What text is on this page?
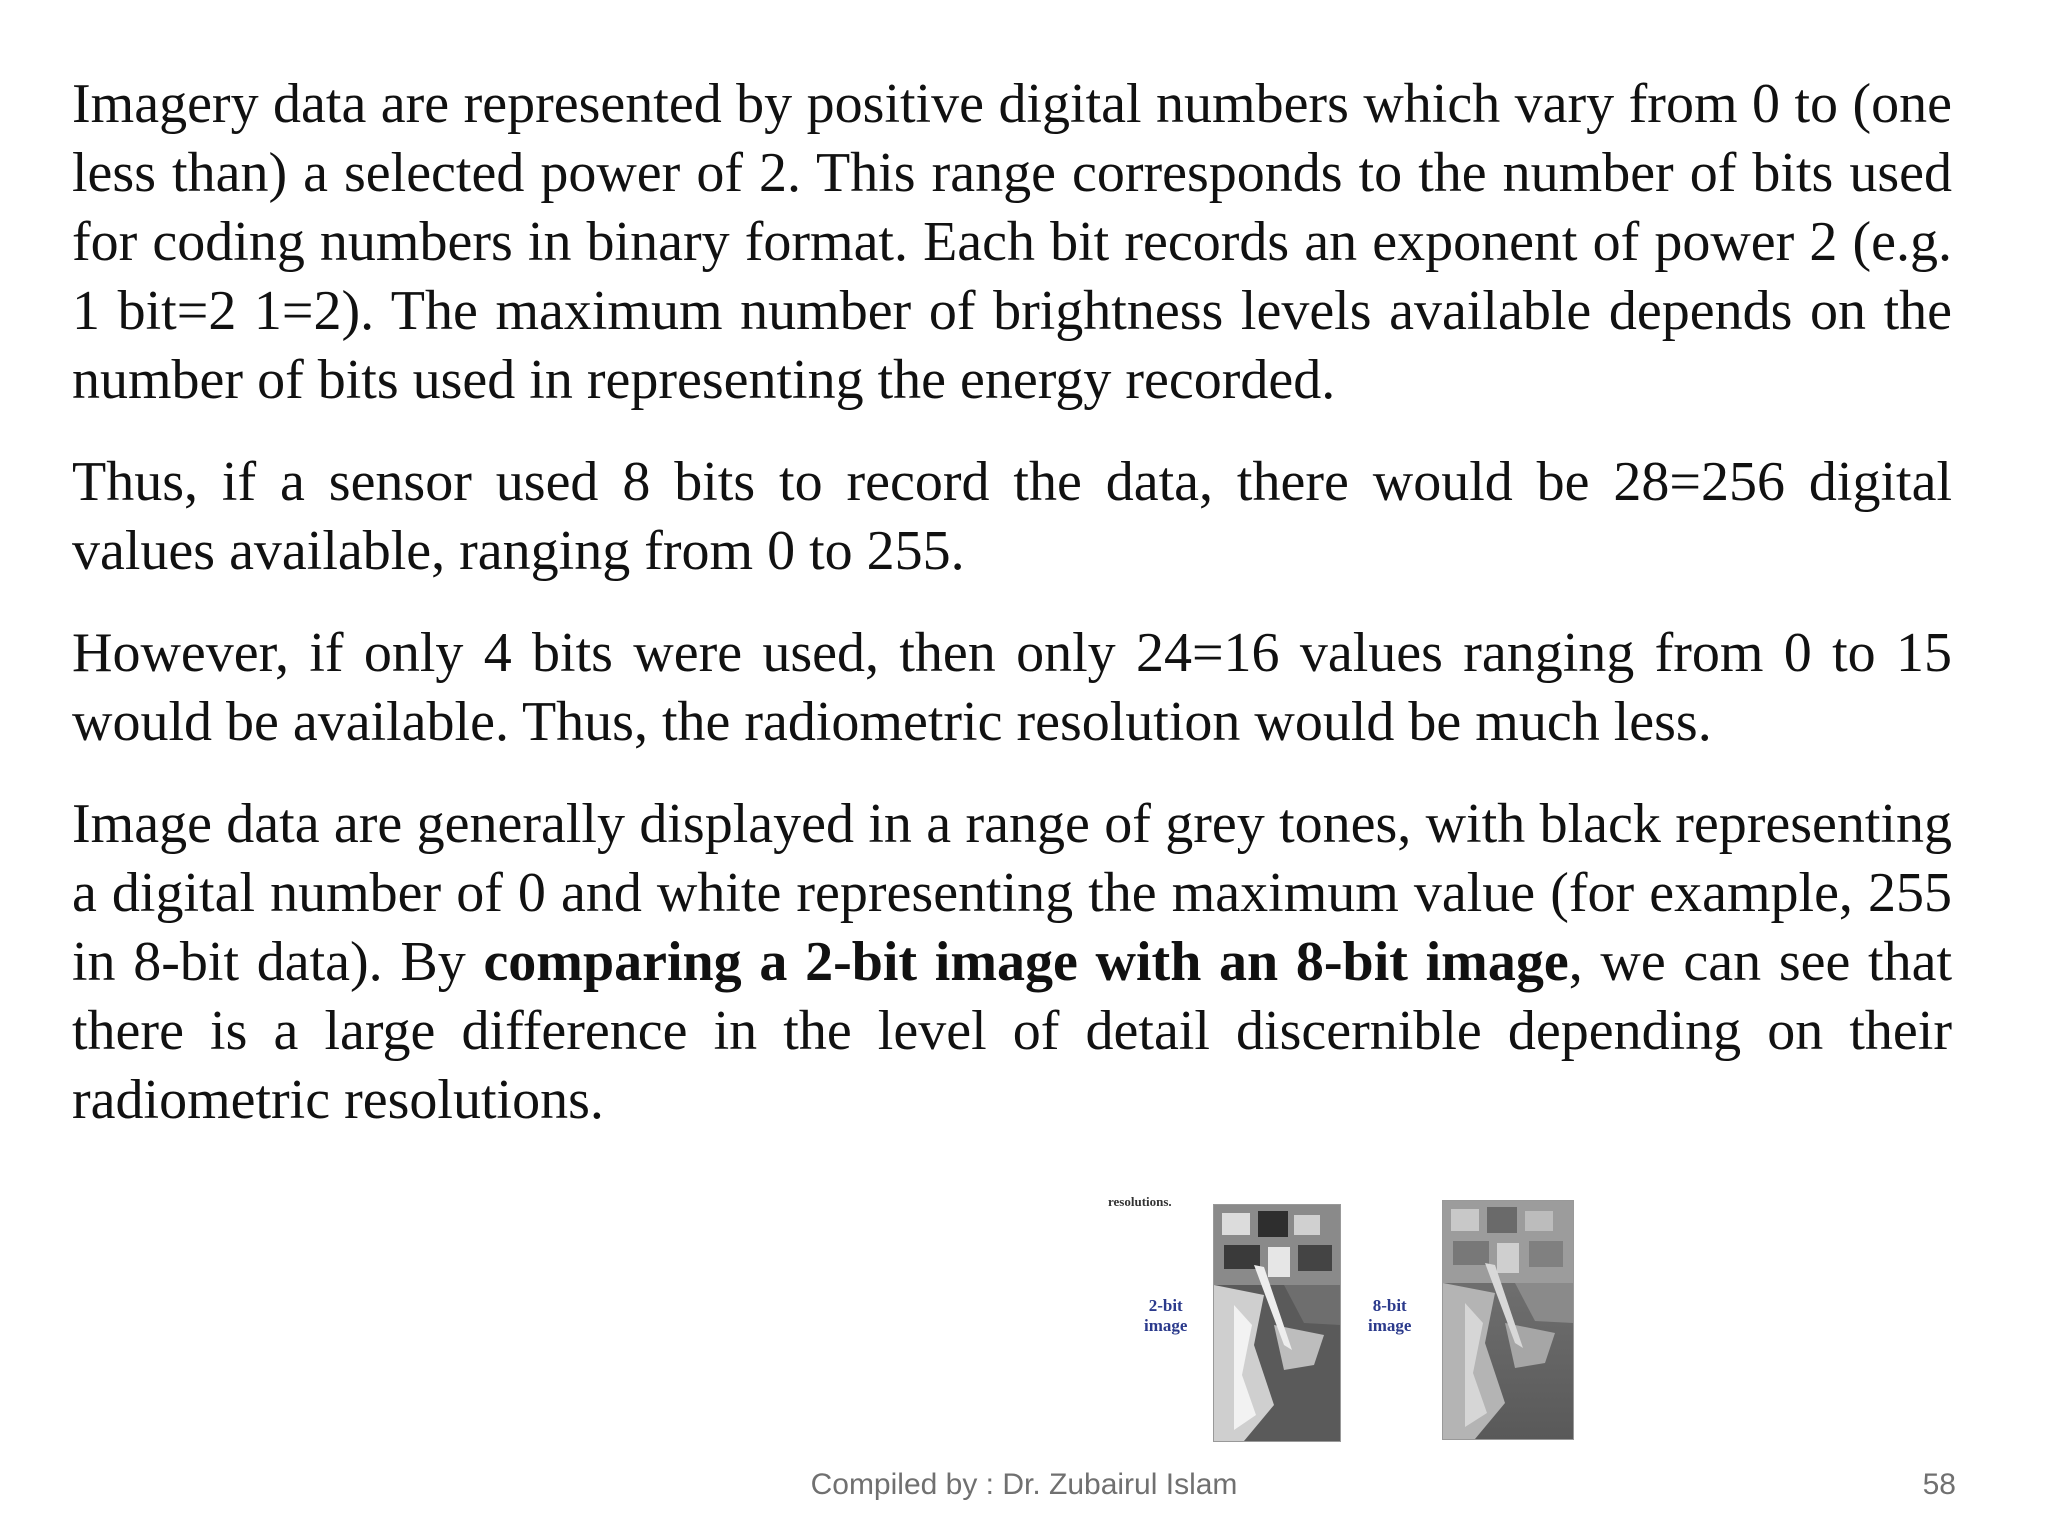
Imagery data are represented by positive digital numbers which vary from 0 to (one less than) a selected power of 2. This range corresponds to the number of bits used for coding numbers in binary format. Each bit records an exponent of power 2 (e.g. 1 bit=2 1=2). The maximum number of brightness levels available depends on the number of bits used in representing the energy recorded.

Thus, if a sensor used 8 bits to record the data, there would be 28=256 digital values available, ranging from 0 to 255.

However, if only 4 bits were used, then only 24=16 values ranging from 0 to 15 would be available. Thus, the radiometric resolution would be much less.

Image data are generally displayed in a range of grey tones, with black representing a digital number of 0 and white representing the maximum value (for example, 255 in 8-bit data). By comparing a 2-bit image with an 8-bit image, we can see that there is a large difference in the level of detail discernible depending on their radiometric resolutions.

resolutions.
2-bit
image
8-bit
image
Compiled by : Dr. Zubairul Islam	58
